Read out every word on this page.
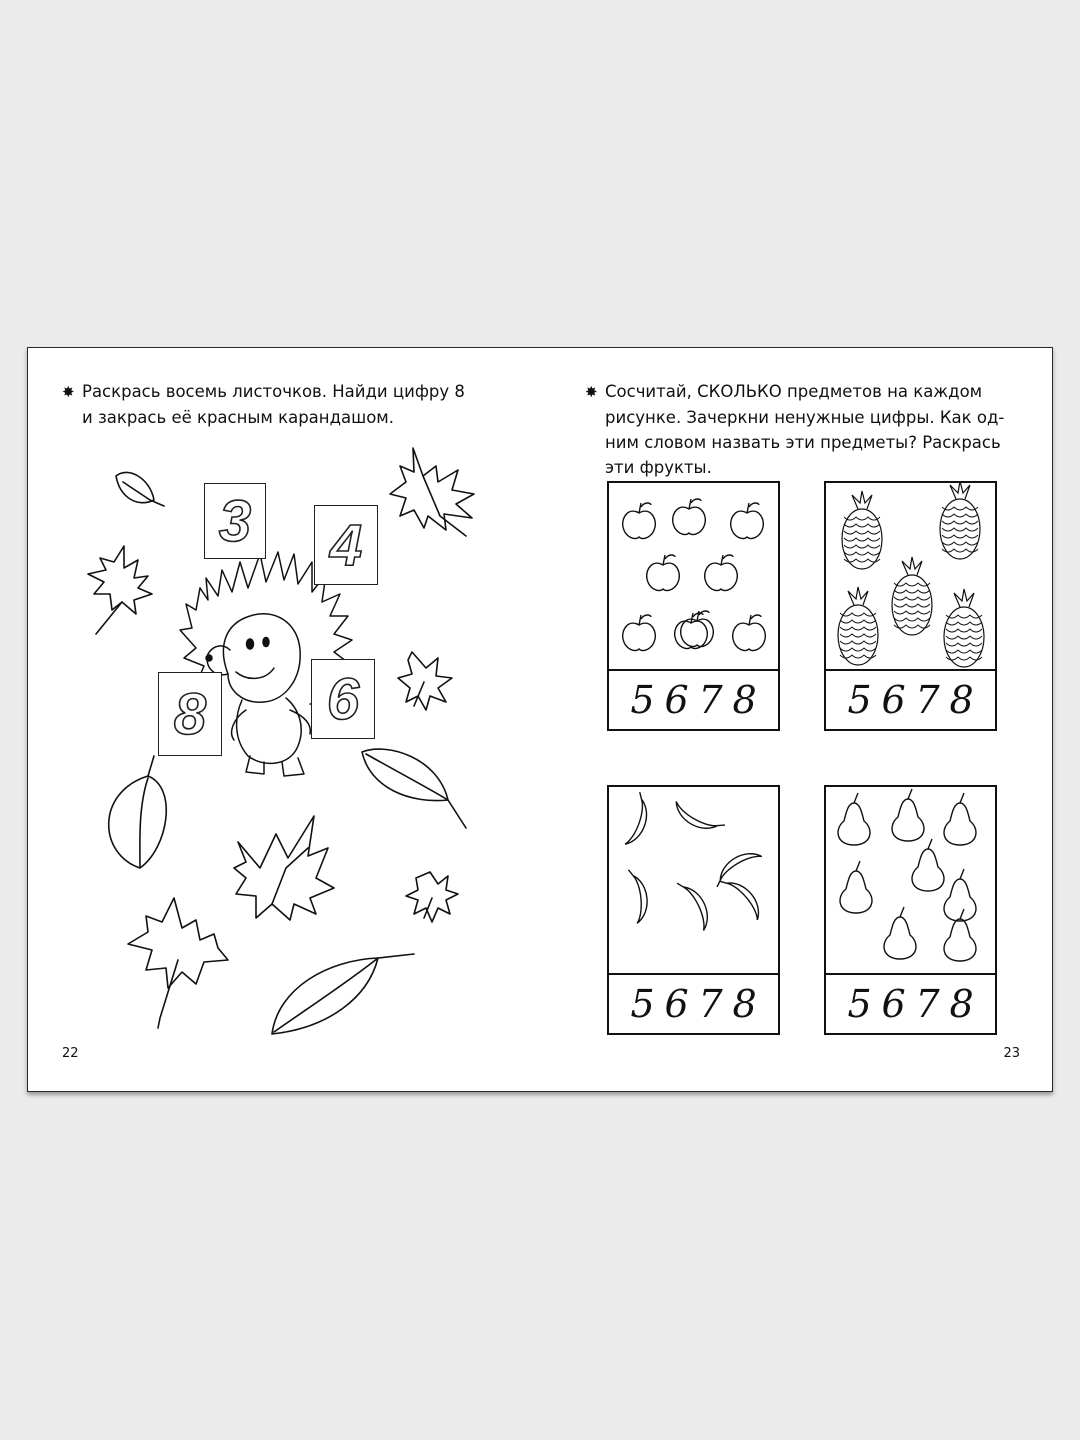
✸ Раскрась восемь листочков. Найди цифру 8
и закрась её красным карандашом.

3 4
8 6
22

✸ Сосчитай, СКОЛЬКО предметов на каждом
рисунке. Зачеркни ненужные цифры. Как од-
ним словом назвать эти предметы? Раскрась
эти фрукты.

5 6 7 8 5 6 7 8
5 6 7 8 5 6 7 8
23
